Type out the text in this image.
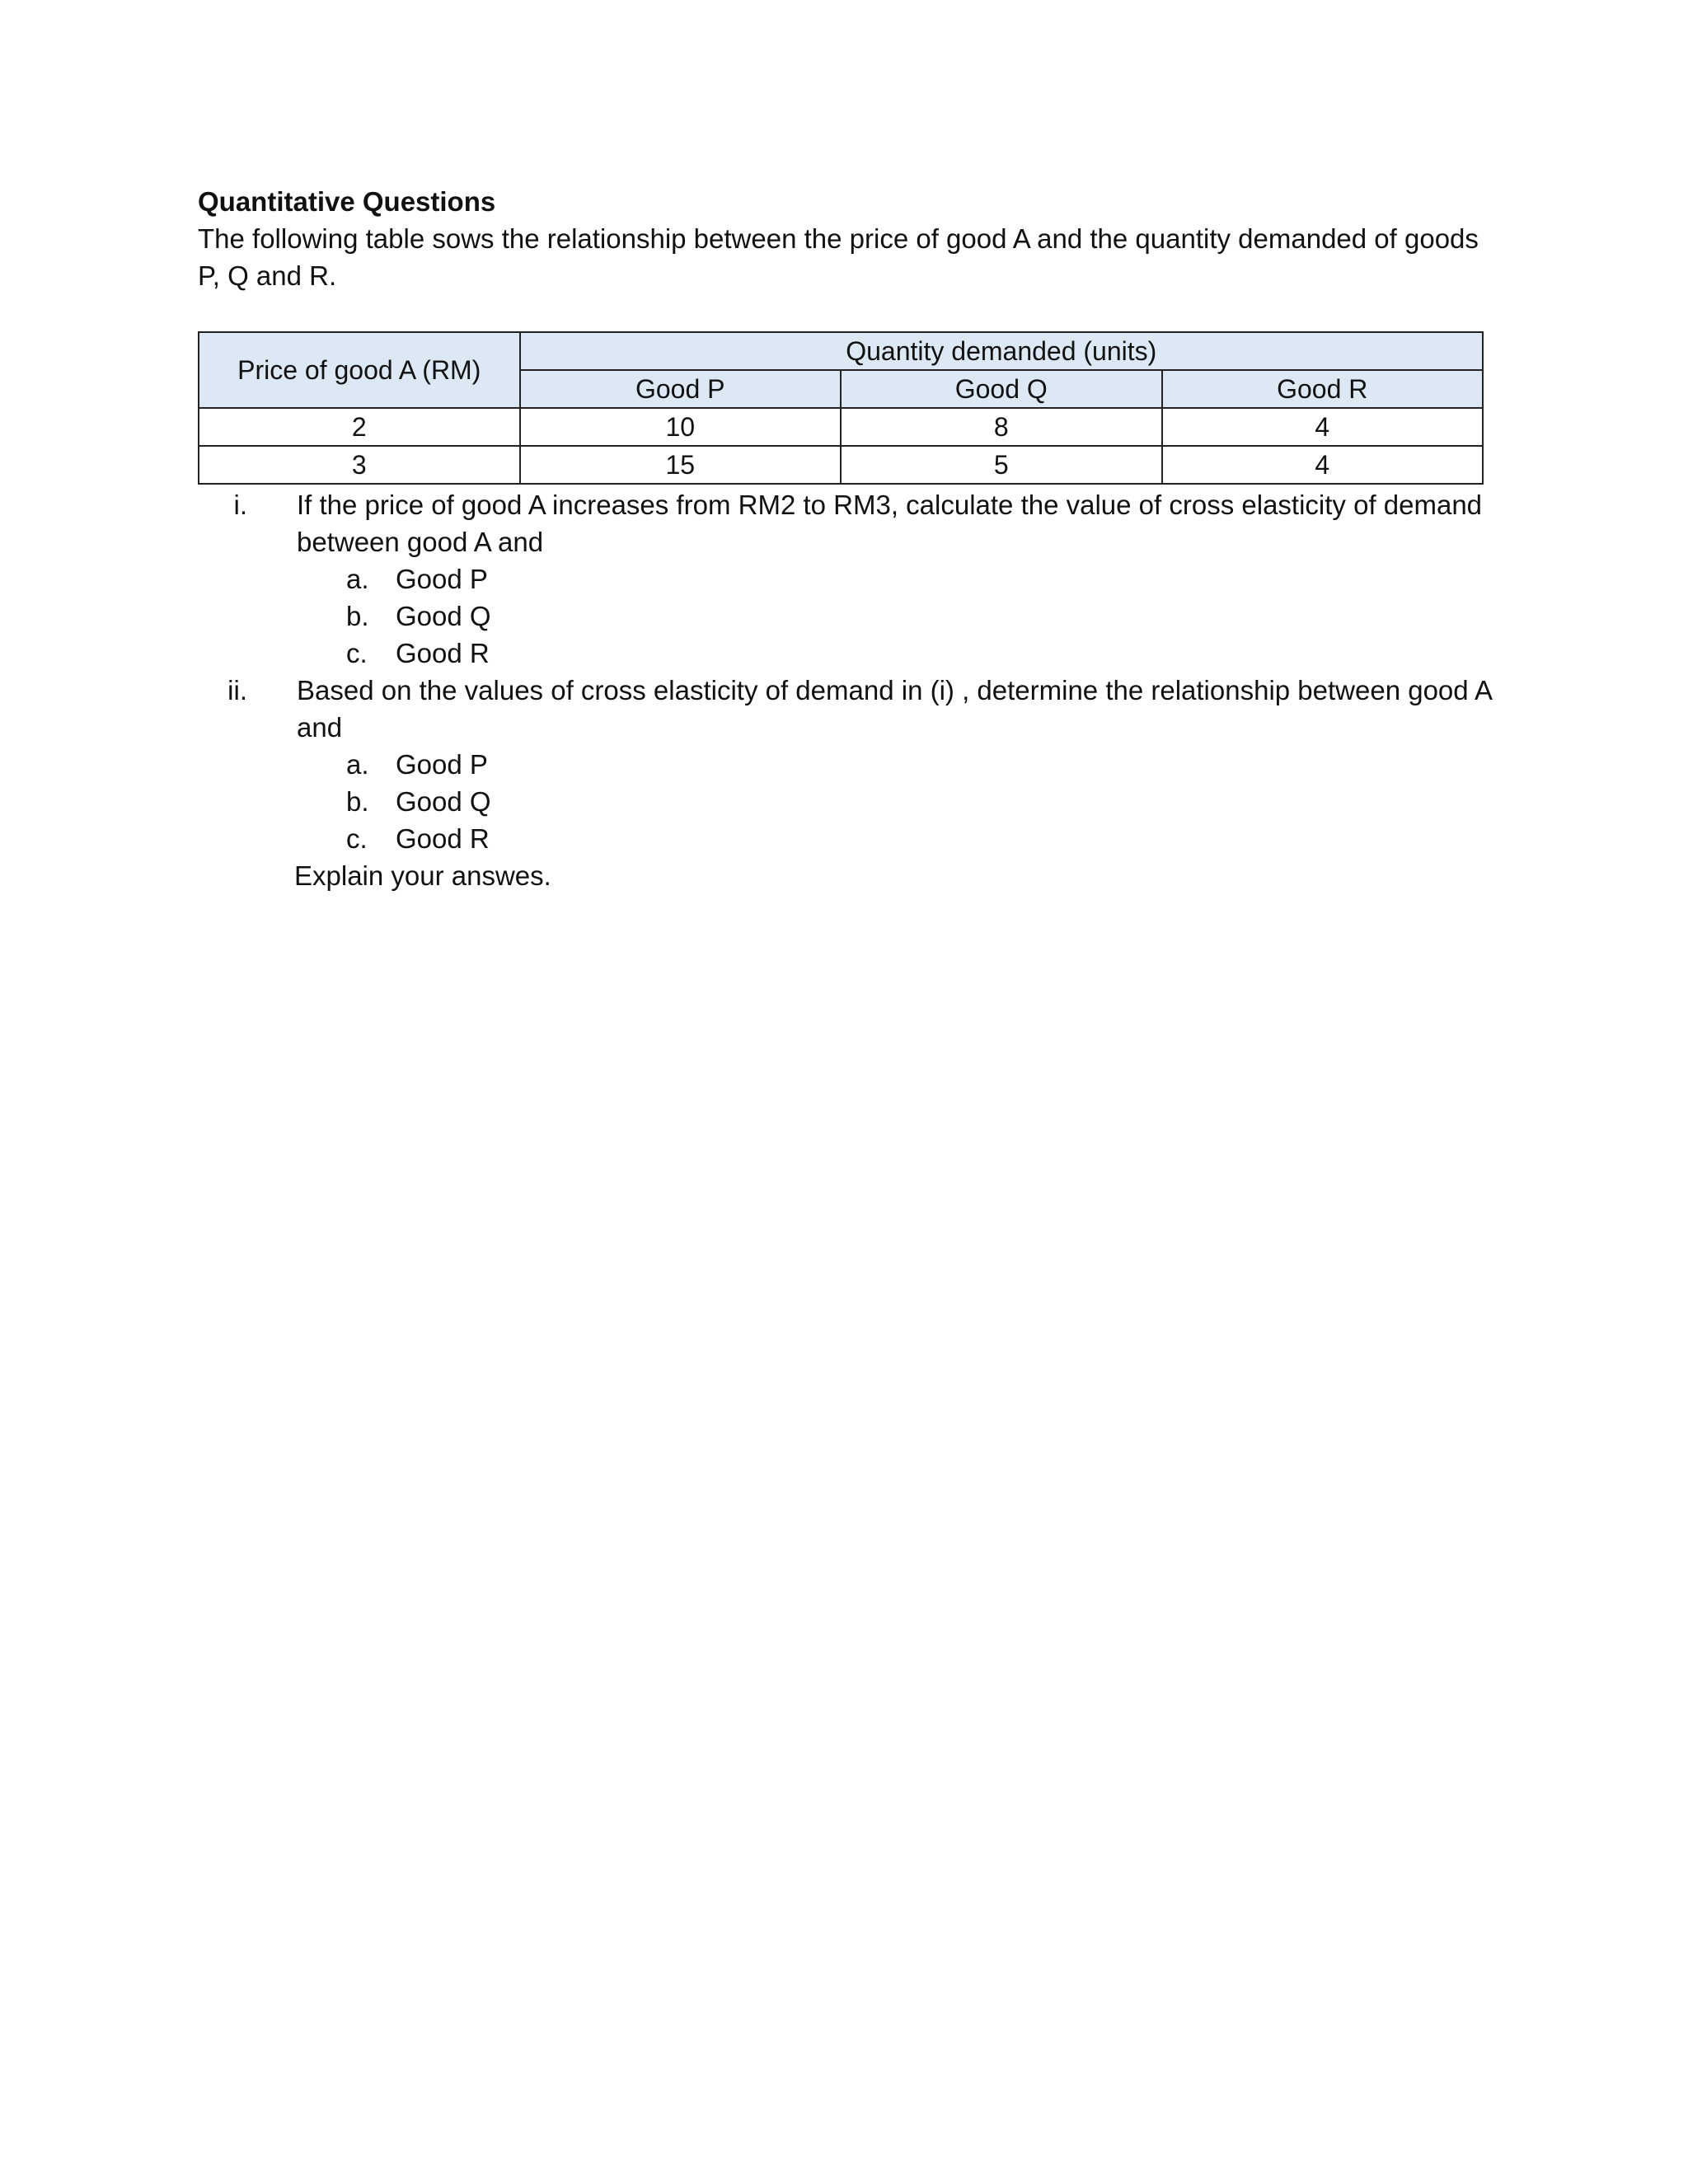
Quantitative Questions

The following table sows the relationship between the price of good A and the quantity demanded of goods P, Q and R.

Price of good A (RM)	Quantity demanded (units)		
	Good P	Good Q	Good R
2	10	8	4
3	15	5	4
i. If the price of good A increases from RM2 to RM3, calculate the value of cross elasticity of demand between good A and
a. Good P
b. Good Q
c. Good R
ii. Based on the values of cross elasticity of demand in (i) , determine the relationship between good A and
a. Good P
b. Good Q
c. Good R
Explain your answes.
